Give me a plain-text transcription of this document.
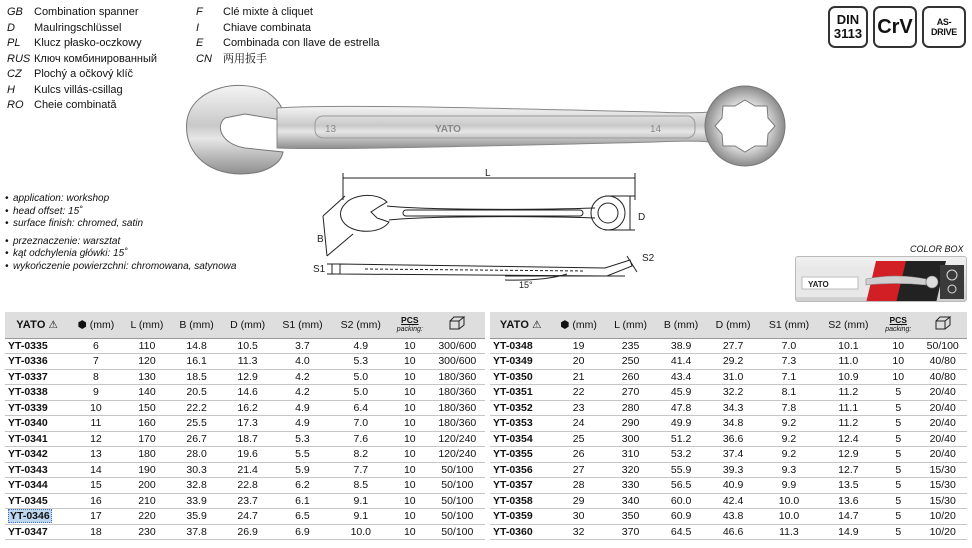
GB	Combination spanner
D	Maulringschlüssel
PL	Klucz płasko-oczkowy
RUS Ключ комбинированный
CZ	Plochý a očkový klíč
H	Kulcs villás-csillag
RO Cheie combinată
F	Clé mixte à cliquet
I	Chiave combinata
E	Combinada con llave de estrella
CN	两用扳手
DIN
3113 CrV	AS-DRIVE
13	YATO	14
L
D
B
S1
S2
15°
• application: workshop
• head offset: 15˚
• surface finish: chromed, satin
• przeznaczenie: warsztat
• kąt odchylenia główki: 15˚
• wykończenie powierzchni: chromowana, satynowa
COLOR BOX
YATO
YATO ⚠	⬢ (mm)	L (mm)	B (mm)	D (mm)	S1 (mm)	S2 (mm)	PCS
packing:

YT-0335	6	110	14.8	10.5	3.7	4.9	10	300/600
YT-0336	7	120	16.1	11.3	4.0	5.3	10	300/600
YT-0337	8	130	18.5	12.9	4.2	5.0	10	180/360
YT-0338	9	140	20.5	14.6	4.2	5.0	10	180/360
YT-0339	10	150	22.2	16.2	4.9	6.4	10	180/360
YT-0340	11	160	25.5	17.3	4.9	7.0	10	180/360
YT-0341	12	170	26.7	18.7	5.3	7.6	10	120/240
YT-0342	13	180	28.0	19.6	5.5	8.2	10	120/240
YT-0343	14	190	30.3	21.4	5.9	7.7	10	50/100
YT-0344	15	200	32.8	22.8	6.2	8.5	10	50/100
YT-0345	16	210	33.9	23.7	6.1	9.1	10	50/100
YT-0346	17	220	35.9	24.7	6.5	9.1	10	50/100
YT-0347	18	230	37.8	26.9	6.9	10.0	10	50/100
YATO ⚠	⬢ (mm)	L (mm)	B (mm)	D (mm)	S1 (mm)	S2 (mm)	PCS
packing:

YT-0348	19	235	38.9	27.7	7.0	10.1	10	50/100
YT-0349	20	250	41.4	29.2	7.3	11.0	10	40/80
YT-0350	21	260	43.4	31.0	7.1	10.9	10	40/80
YT-0351	22	270	45.9	32.2	8.1	11.2	5	20/40
YT-0352	23	280	47.8	34.3	7.8	11.1	5	20/40
YT-0353	24	290	49.9	34.8	9.2	11.2	5	20/40
YT-0354	25	300	51.2	36.6	9.2	12.4	5	20/40
YT-0355	26	310	53.2	37.4	9.2	12.9	5	20/40
YT-0356	27	320	55.9	39.3	9.3	12.7	5	15/30
YT-0357	28	330	56.5	40.9	9.9	13.5	5	15/30
YT-0358	29	340	60.0	42.4	10.0	13.6	5	15/30
YT-0359	30	350	60.9	43.8	10.0	14.7	5	10/20
YT-0360	32	370	64.5	46.6	11.3	14.9	5	10/20
